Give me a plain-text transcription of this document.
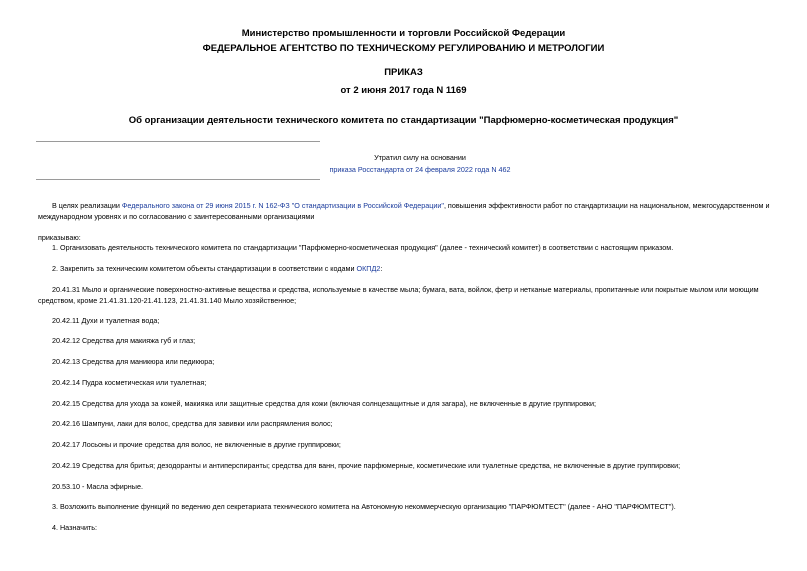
Министерство промышленности и торговли Российской Федерации
ФЕДЕРАЛЬНОЕ АГЕНТСТВО ПО ТЕХНИЧЕСКОМУ РЕГУЛИРОВАНИЮ И МЕТРОЛОГИИ
ПРИКАЗ
от 2 июня 2017 года N 1169
Об организации деятельности технического комитета по стандартизации "Парфюмерно-косметическая продукция"
Утратил силу на основании
приказа Росстандарта от 24 февраля 2022 года N 462
В целях реализации Федерального закона от 29 июня 2015 г. N 162-ФЗ "О стандартизации в Российской Федерации", повышения эффективности работ по стандартизации на национальном, межгосударственном и международном уровнях и по согласованию с заинтересованными организациями
приказываю:
1. Организовать деятельность технического комитета по стандартизации "Парфюмерно-косметическая продукция" (далее - технический комитет) в соответствии с настоящим приказом.
2. Закрепить за техническим комитетом объекты стандартизации в соответствии с кодами ОКПД2:
20.41.31 Мыло и органические поверхностно-активные вещества и средства, используемые в качестве мыла; бумага, вата, войлок, фетр и нетканые материалы, пропитанные или покрытые мылом или моющим средством, кроме 21.41.31.120-21.41.123, 21.41.31.140 Мыло хозяйственное;
20.42.11 Духи и туалетная вода;
20.42.12 Средства для макияжа губ и глаз;
20.42.13 Средства для маникюра или педикюра;
20.42.14 Пудра косметическая или туалетная;
20.42.15 Средства для ухода за кожей, макияжа или защитные средства для кожи (включая солнцезащитные и для загара), не включенные в другие группировки;
20.42.16 Шампуни, лаки для волос, средства для завивки или распрямления волос;
20.42.17 Лосьоны и прочие средства для волос, не включенные в другие группировки;
20.42.19 Средства для бритья; дезодоранты и антиперспиранты; средства для ванн, прочие парфюмерные, косметические или туалетные средства, не включенные в другие группировки;
20.53.10 - Масла эфирные.
3. Возложить выполнение функций по ведению дел секретариата технического комитета на Автономную некоммерческую организацию "ПАРФЮМТЕСТ" (далее - АНО "ПАРФЮМТЕСТ").
4. Назначить:
